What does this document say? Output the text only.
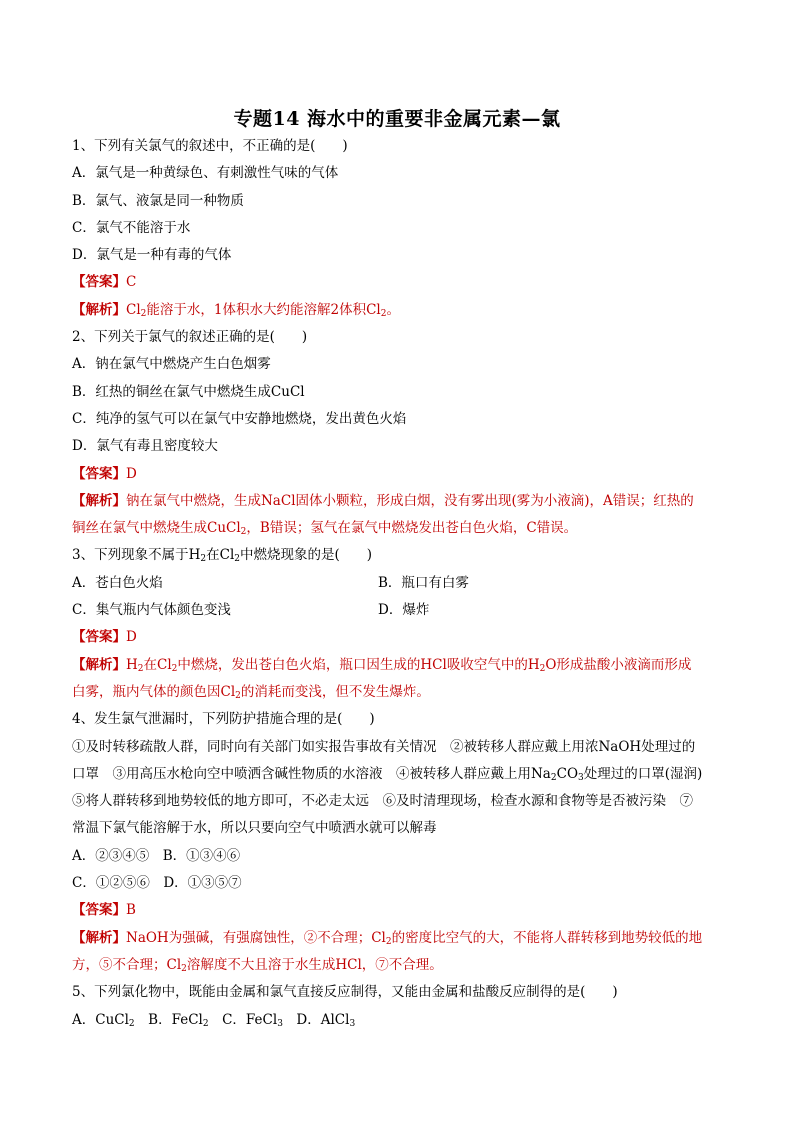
专题14 海水中的重要非金属元素—氯
1、下列有关氯气的叙述中，不正确的是(　　)
A．氯气是一种黄绿色、有刺激性气味的气体
B．氯气、液氯是同一种物质
C．氯气不能溶于水
D．氯气是一种有毒的气体
【答案】C
【解析】$Cl_2$能溶于水，1体积水大约能溶解2体积$Cl_2$。
2、下列关于氯气的叙述正确的是(　　)
A．钠在氯气中燃烧产生白色烟雾
B．红热的铜丝在氯气中燃烧生成CuCl
C．纯净的氢气可以在氯气中安静地燃烧，发出黄色火焰
D．氯气有毒且密度较大
【答案】D
【解析】钠在氯气中燃烧，生成NaCl固体小颗粒，形成白烟，没有雾出现(雾为小液滴)，A错误；红热的
铜丝在氯气中燃烧生成CuCl$_2$，B错误；氢气在氯气中燃烧发出苍白色火焰，C错误。
3、下列现象不属于$H_2$在$Cl_2$中燃烧现象的是(　　)
A．苍白色火焰	B．瓶口有白雾
C．集气瓶内气体颜色变浅	D．爆炸
【答案】D
【解析】$H_2$在$Cl_2$中燃烧，发出苍白色火焰，瓶口因生成的HCl吸收空气中的$H_2O$形成盐酸小液滴而形成
白雾，瓶内气体的颜色因$Cl_2$的消耗而变浅，但不发生爆炸。
4、发生氯气泄漏时，下列防护措施合理的是(　　)
①及时转移疏散人群，同时向有关部门如实报告事故有关情况　②被转移人群应戴上用浓NaOH处理过的
口罩　③用高压水枪向空中喷洒含碱性物质的水溶液　④被转移人群应戴上用$Na_2CO_3$处理过的口罩(湿润)
⑤将人群转移到地势较低的地方即可，不必走太远　⑥及时清理现场，检查水源和食物等是否被污染　⑦
常温下氯气能溶解于水，所以只要向空气中喷洒水就可以解毒
A．②③④⑤　B．①③④⑥
C．①②⑤⑥　D．①③⑤⑦
【答案】B
【解析】NaOH为强碱，有强腐蚀性，②不合理；$Cl_2$的密度比空气的大，不能将人群转移到地势较低的地
方，⑤不合理；$Cl_2$溶解度不大且溶于水生成HCl，⑦不合理。
5、下列氯化物中，既能由金属和氯气直接反应制得，又能由金属和盐酸反应制得的是(　　)
A．CuCl$_2$　B．FeCl$_2$　C．FeCl$_3$　D．AlCl$_3$
